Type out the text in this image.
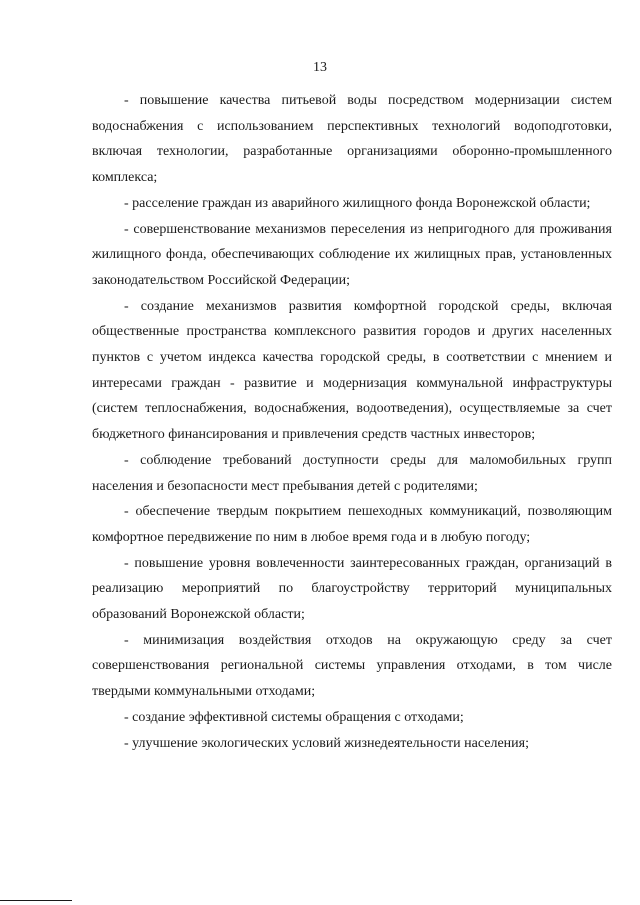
13

- повышение качества питьевой воды посредством модернизации систем водоснабжения с использованием перспективных технологий водоподготовки, включая технологии, разработанные организациями оборонно-промышленного комплекса;

- расселение граждан из аварийного жилищного фонда Воронежской области;

- совершенствование механизмов переселения из непригодного для проживания жилищного фонда, обеспечивающих соблюдение их жилищных прав, установленных законодательством Российской Федерации;

- создание механизмов развития комфортной городской среды, включая общественные пространства комплексного развития городов и других населенных пунктов с учетом индекса качества городской среды, в соответствии с мнением и интересами граждан - развитие и модернизация коммунальной инфраструктуры (систем теплоснабжения, водоснабжения, водоотведения), осуществляемые за счет бюджетного финансирования и привлечения средств частных инвесторов;

- соблюдение требований доступности среды для маломобильных групп населения и безопасности мест пребывания детей с родителями;

- обеспечение твердым покрытием пешеходных коммуникаций, позволяющим комфортное передвижение по ним в любое время года и в любую погоду;

- повышение уровня вовлеченности заинтересованных граждан, организаций в реализацию мероприятий по благоустройству территорий муниципальных образований Воронежской области;

- минимизация воздействия отходов на окружающую среду за счет совершенствования региональной системы управления отходами, в том числе твердыми коммунальными отходами;

- создание эффективной системы обращения с отходами;

- улучшение экологических условий жизнедеятельности населения;
